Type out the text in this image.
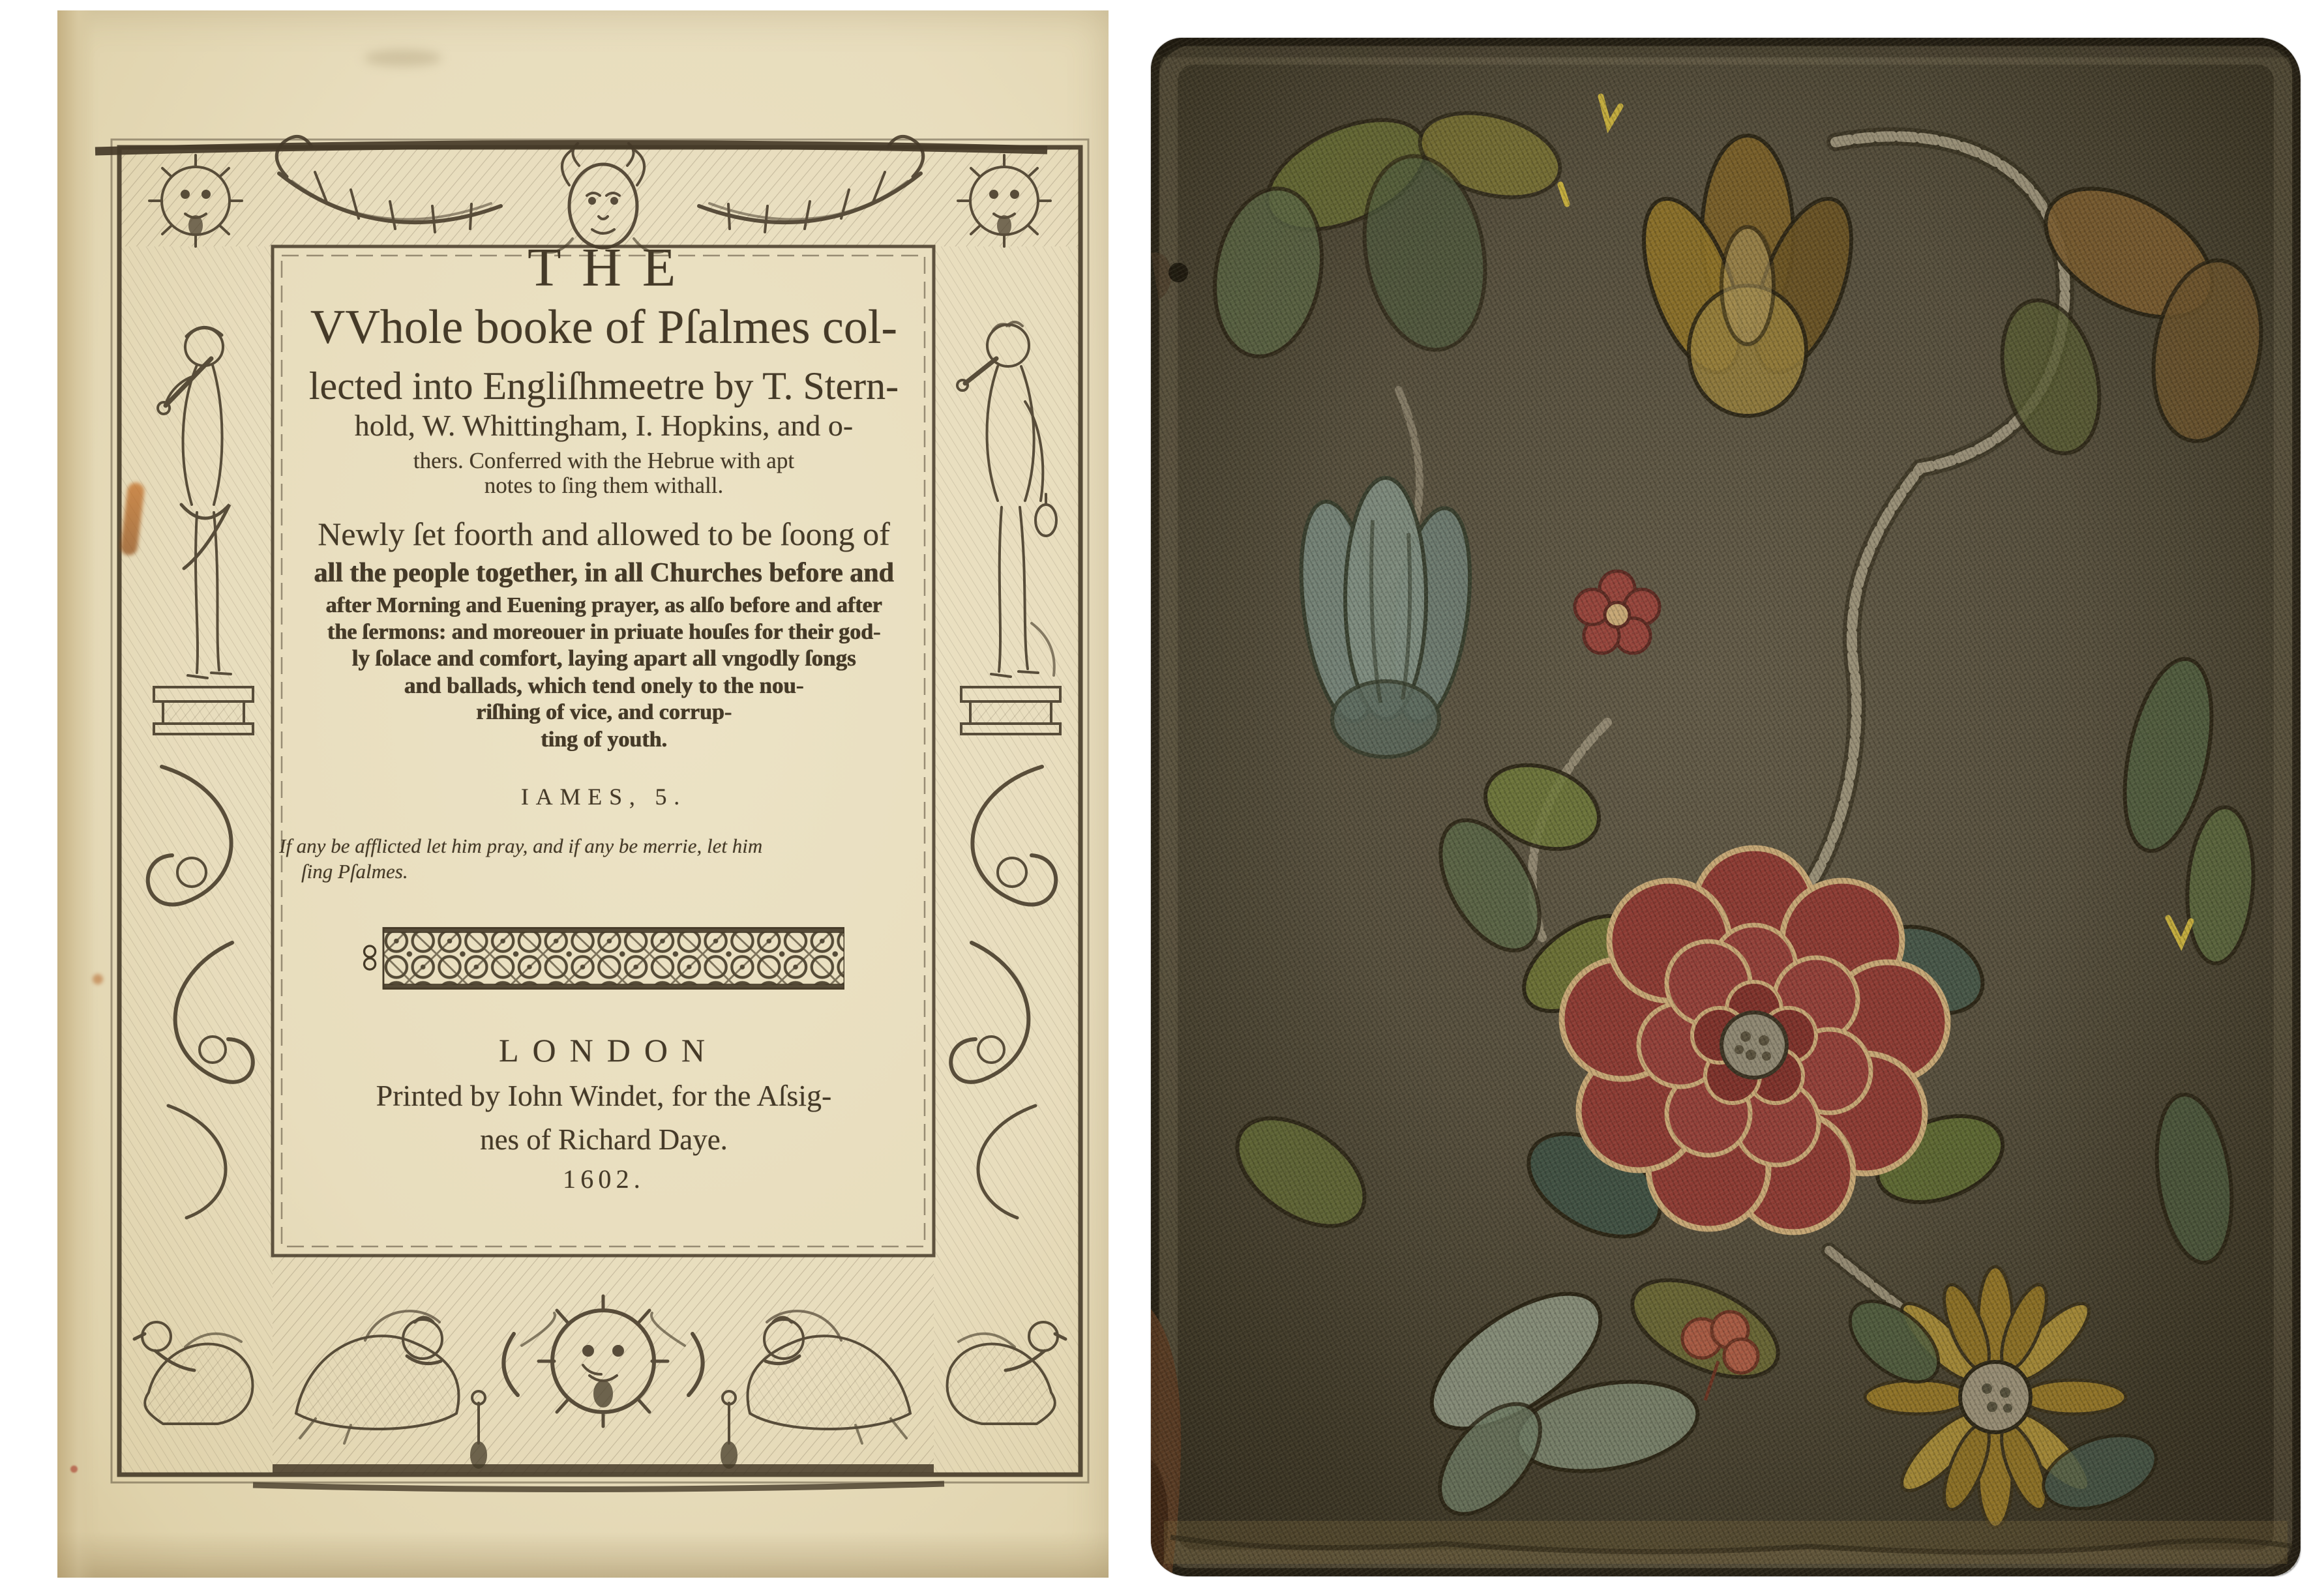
THE
VVhole booke of Pſalmes col-
lected into Engliſhmeetre by T. Stern-
hold, W. Whittingham, I. Hopkins, and o-
thers. Conferred with the Hebrue with apt
notes to ſing them withall.
Newly ſet foorth and allowed to be ſoong of
all the people together, in all Churches before and
after Morning and Euening prayer, as alſo before and after
the ſermons: and moreouer in priuate houſes for their god-
ly ſolace and comfort, laying apart all vngodly ſongs
and ballads, which tend onely to the nou-
riſhing of vice, and corrup-
ting of youth.
IAMES, 5.
If any be afflicted let him pray, and if any be merrie, let him
ſing Pſalmes.
LONDON
Printed by Iohn Windet, for the Aſsig-
nes of Richard Daye.
1602.
